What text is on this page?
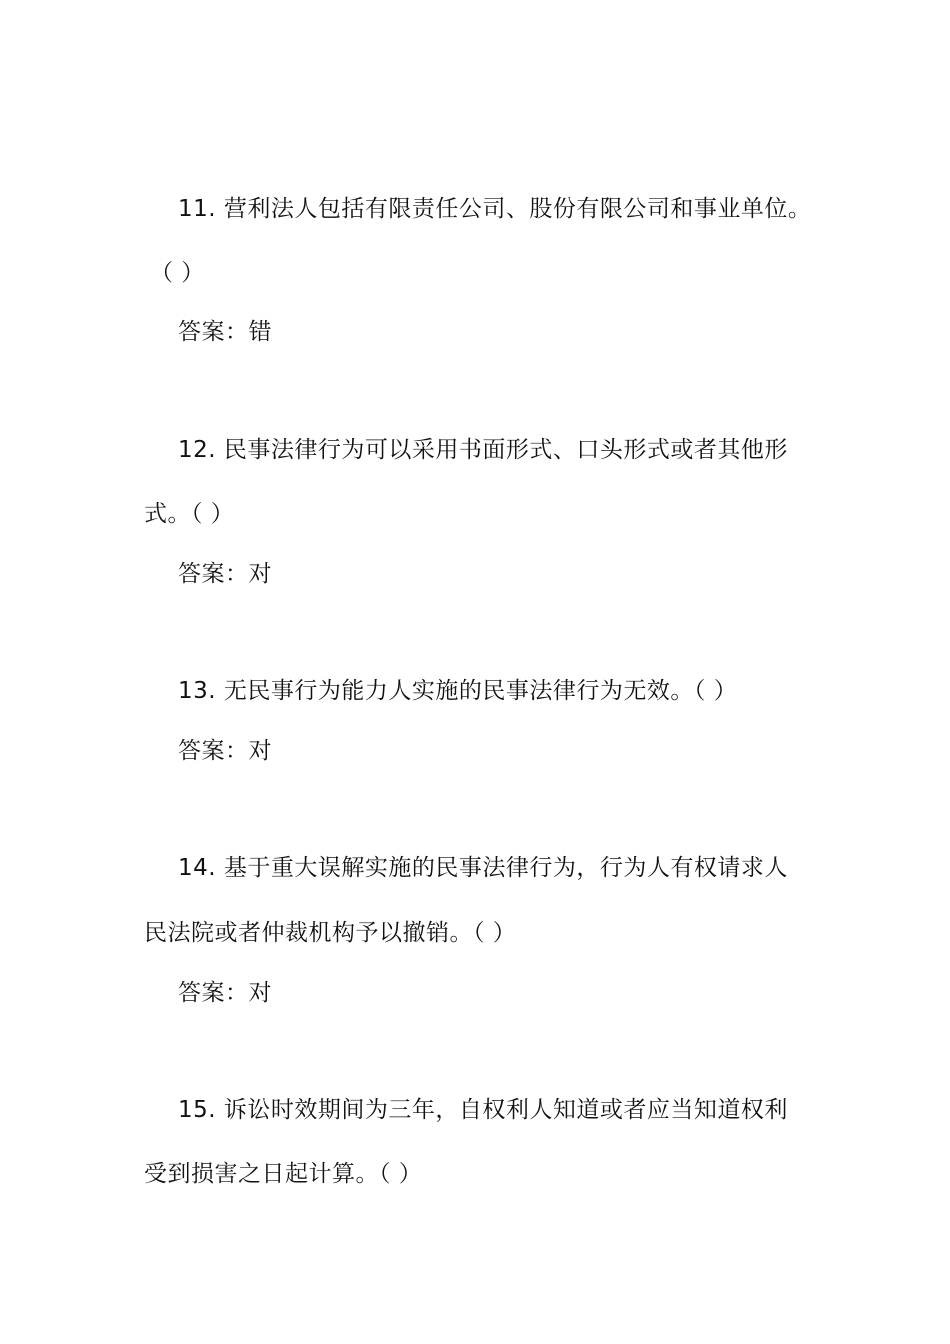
11. 营利法人包括有限责任公司、股份有限公司和事业单位。
（ ）
答案：错
12. 民事法律行为可以采用书面形式、口头形式或者其他形
式。（ ）
答案：对
13. 无民事行为能力人实施的民事法律行为无效。（ ）
答案：对
14. 基于重大误解实施的民事法律行为，行为人有权请求人
民法院或者仲裁机构予以撤销。（ ）
答案：对
15. 诉讼时效期间为三年，自权利人知道或者应当知道权利
受到损害之日起计算。（ ）
